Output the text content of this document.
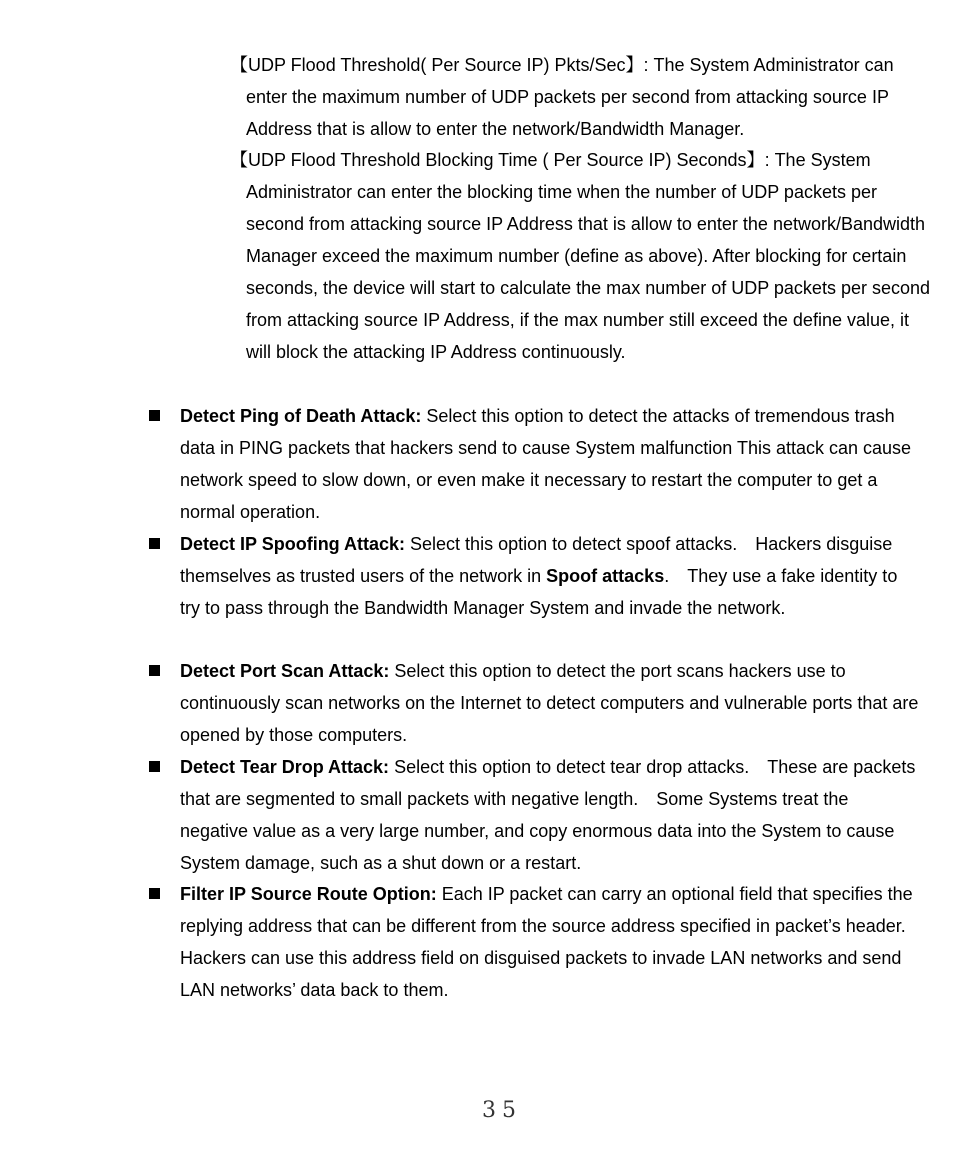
【UDP Flood Threshold( Per Source IP) Pkts/Sec】: The System Administrator can enter the maximum number of UDP packets per second from attacking source IP Address that is allow to enter the network/Bandwidth Manager.
【UDP Flood Threshold Blocking Time ( Per Source IP) Seconds】: The System Administrator can enter the blocking time when the number of UDP packets per second from attacking source IP Address that is allow to enter the network/Bandwidth Manager exceed the maximum number (define as above). After blocking for certain seconds, the device will start to calculate the max number of UDP packets per second from attacking source IP Address, if the max number still exceed the define value, it will block the attacking IP Address continuously.
Detect Ping of Death Attack: Select this option to detect the attacks of tremendous trash data in PING packets that hackers send to cause System malfunction This attack can cause network speed to slow down, or even make it necessary to restart the computer to get a normal operation.
Detect IP Spoofing Attack: Select this option to detect spoof attacks.　Hackers disguise themselves as trusted users of the network in Spoof attacks.　They use a fake identity to try to pass through the Bandwidth Manager System and invade the network.
Detect Port Scan Attack: Select this option to detect the port scans hackers use to continuously scan networks on the Internet to detect computers and vulnerable ports that are opened by those computers.
Detect Tear Drop Attack: Select this option to detect tear drop attacks.　These are packets that are segmented to small packets with negative length.　Some Systems treat the negative value as a very large number, and copy enormous data into the System to cause System damage, such as a shut down or a restart.
Filter IP Source Route Option: Each IP packet can carry an optional field that specifies the replying address that can be different from the source address specified in packet’s header. Hackers can use this address field on disguised packets to invade LAN networks and send LAN networks’ data back to them.
35
